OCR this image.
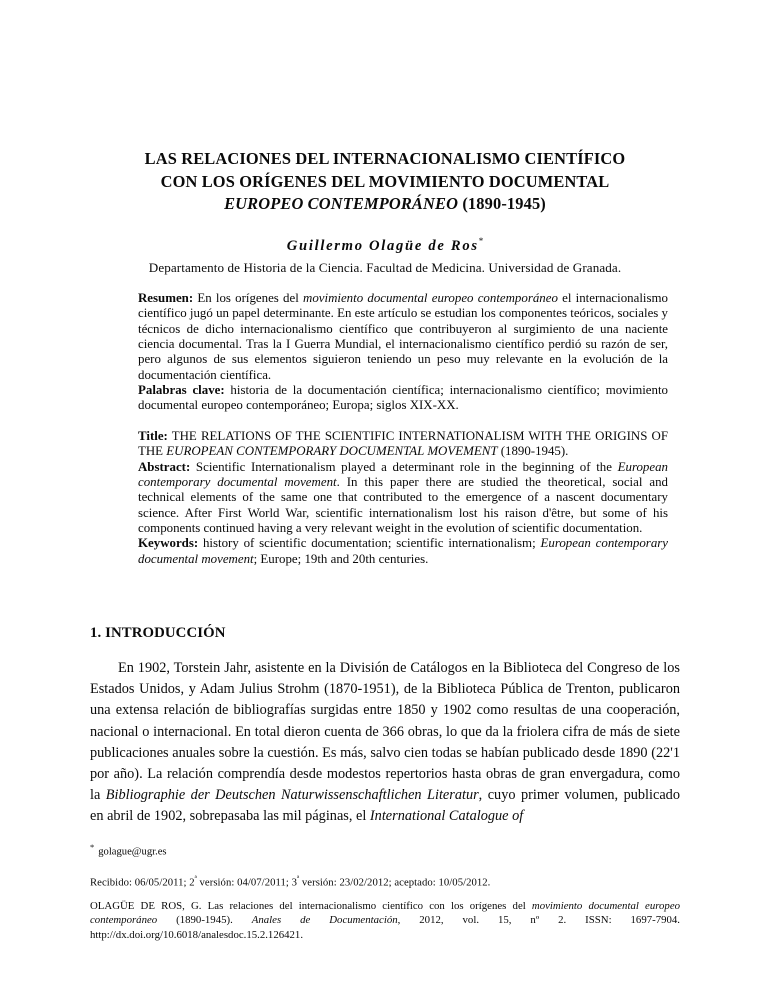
LAS RELACIONES DEL INTERNACIONALISMO CIENTÍFICO
CON LOS ORÍGENES DEL MOVIMIENTO DOCUMENTAL
EUROPEO CONTEMPORÁNEO (1890-1945)
Guillermo Olagüe de Ros*
Departamento de Historia de la Ciencia. Facultad de Medicina. Universidad de Granada.

Resumen: En los orígenes del movimiento documental europeo contemporáneo el internacionalismo científico jugó un papel determinante. En este artículo se estudian los componentes teóricos, sociales y técnicos de dicho internacionalismo científico que contribuyeron al surgimiento de una naciente ciencia documental. Tras la I Guerra Mundial, el internacionalismo científico perdió su razón de ser, pero algunos de sus elementos siguieron teniendo un peso muy relevante en la evolución de la documentación científica.

Palabras clave: historia de la documentación científica; internacionalismo científico; movimiento documental europeo contemporáneo; Europa; siglos XIX-XX.

Title: THE RELATIONS OF THE SCIENTIFIC INTERNATIONALISM WITH THE ORIGINS OF THE EUROPEAN CONTEMPORARY DOCUMENTAL MOVEMENT (1890-1945).

Abstract: Scientific Internationalism played a determinant role in the beginning of the European contemporary documental movement. In this paper there are studied the theoretical, social and technical elements of the same one that contributed to the emergence of a nascent documentary science. After First World War, scientific internationalism lost his raison d'être, but some of his components continued having a very relevant weight in the evolution of scientific documentation.

Keywords: history of scientific documentation; scientific internationalism; European contemporary documental movement; Europe; 19th and 20th centuries.

1. INTRODUCCIÓN
En 1902, Torstein Jahr, asistente en la División de Catálogos en la Biblioteca del Congreso de los Estados Unidos, y Adam Julius Strohm (1870-1951), de la Biblioteca Pública de Trenton, publicaron una extensa relación de bibliografías surgidas entre 1850 y 1902 como resultas de una cooperación, nacional o internacional. En total dieron cuenta de 366 obras, lo que da la friolera cifra de más de siete publicaciones anuales sobre la cuestión. Es más, salvo cien todas se habían publicado desde 1890 (22'1 por año). La relación comprendía desde modestos repertorios hasta obras de gran envergadura, como la Bibliographie der Deutschen Naturwissenschaftlichen Literatur, cuyo primer volumen, publicado en abril de 1902, sobrepasaba las mil páginas, el International Catalogue of
* golague@ugr.es
Recibido: 06/05/2011; $2^ª$ versión: 04/07/2011; $3^ª$ versión: 23/02/2012; aceptado: 10/05/2012.
OLAGÜE DE ROS, G. Las relaciones del internacionalismo científico con los orígenes del movimiento documental europeo contemporáneo (1890-1945). Anales de Documentación, 2012, vol. 15, nº 2. ISSN: 1697-7904. http://dx.doi.org/10.6018/analesdoc.15.2.126421.
